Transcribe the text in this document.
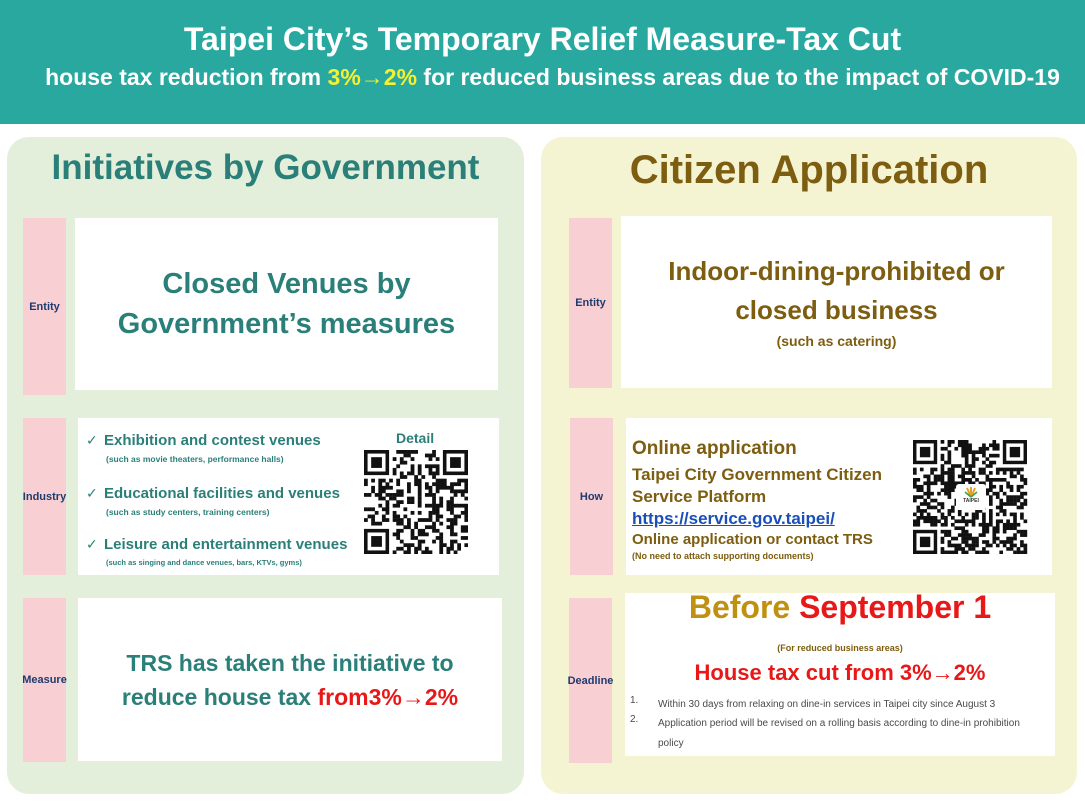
Taipei City’s Temporary Relief Measure-Tax Cut
house tax reduction from 3%→2% for reduced business areas due to the impact of COVID-19
Initiatives by Government
Entity
Closed Venues by
Government’s measures
Industry
✓ Exhibition and contest venues
(such as movie theaters, performance halls)
✓ Educational facilities and venues
(such as study centers, training centers)
✓ Leisure and entertainment venues
(such as singing and dance venues, bars, KTVs, gyms)
Detail
Measure
TRS has taken the initiative to
reduce house tax from3%→2%
Citizen Application
Entity
Indoor-dining-prohibited or
closed business
(such as catering)
How
Online application
Taipei City Government Citizen
Service Platform
https://service.gov.taipei/
Online application or contact TRS
(No need to attach supporting documents)
TAIPEI
Deadline
Before September 1
(For reduced business areas)
House tax cut from 3%→2%
1. Within 30 days from relaxing on dine-in services in Taipei city since August 3
2. Application period will be revised on a rolling basis according to dine-in prohibition policy
